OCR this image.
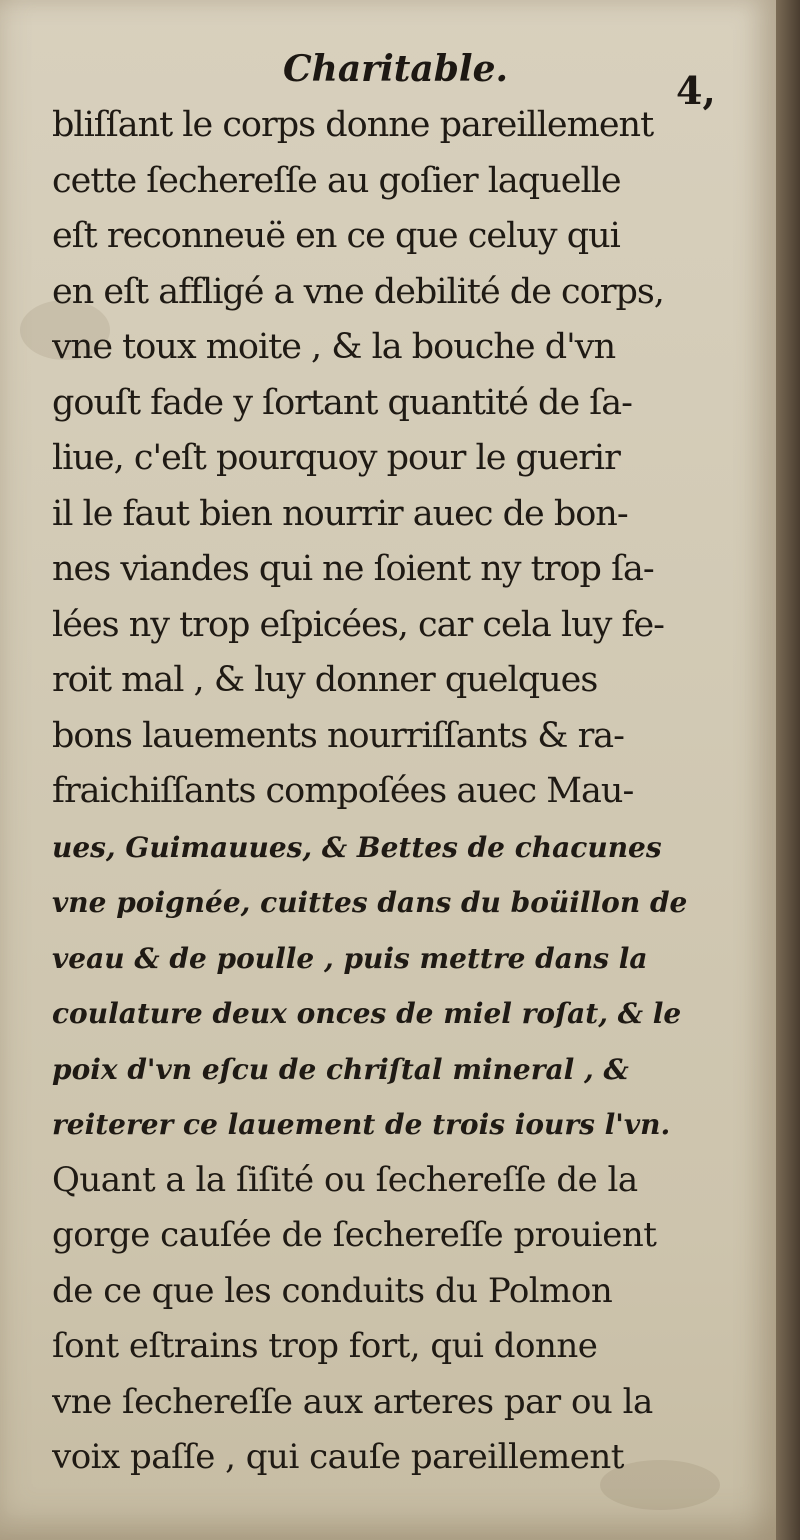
Charitable.	4,
bliſſant le corps donne pareillement
cette ſechereſſe au goſier laquelle
eſt reconneuë en ce que celuy qui
en eſt affligé a vne debilité de corps,
vne toux moite , & la bouche d'vn
gouſt fade y ſortant quantité de ſa-
liue, c'eſt pourquoy pour le guerir
il le faut bien nourrir auec de bon-
nes viandes qui ne ſoient ny trop ſa-
lées ny trop eſpicées, car cela luy fe-
roit mal , & luy donner quelques
bons lauements nourriſſants & ra-
fraichiſſants compoſées auec Mau-
ues, Guimauues, & Bettes de chacunes
vne poignée, cuittes dans du boüillon de
veau & de poulle , puis mettre dans la
coulature deux onces de miel roſat, & le
poix d'vn eſcu de chriſtal mineral , &
reiterer ce lauement de trois iours l'vn.
Quant a la ſiſité ou ſechereſſe de la
gorge cauſée de ſechereſſe prouient
de ce que les conduits du Polmon
ſont eſtrains trop fort, qui donne
vne ſechereſſe aux arteres par ou la
voix paſſe , qui cauſe pareillement
